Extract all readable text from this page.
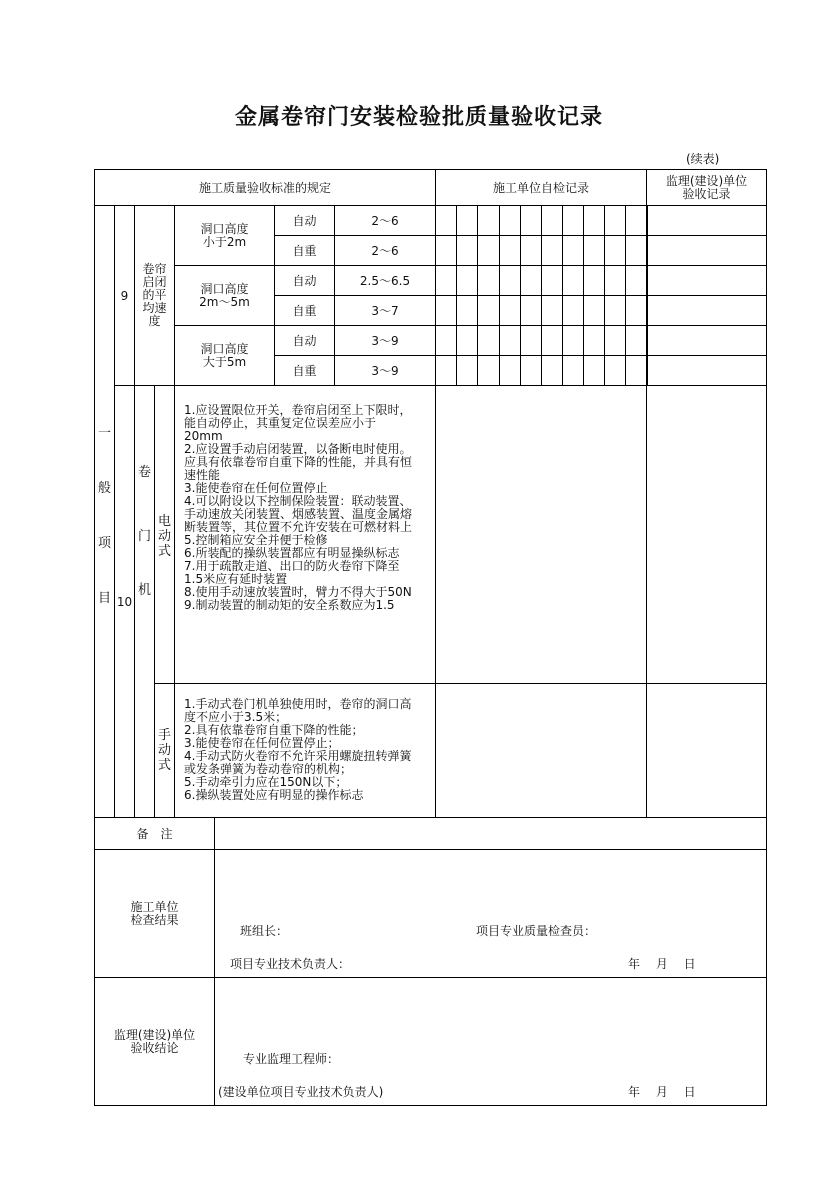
金属卷帘门安装检验批质量验收记录
(续表)
施工质量验收标准的规定	施工单位自检记录	监理(建设)单位
验收记录
一
般
项
目
9
卷帘
启闭
的平
均速
度
洞口高度
小于2m
自动	2～6
自重	2～6
洞口高度
2m～5m
自动	2.5～6.5
自重	3～7
洞口高度
大于5m
自动	3～9
自重	3～9
10
卷
门
机
电
动
式
1.应设置限位开关，卷帘启闭至上下限时，能自动停止，其重复定位误差应小于20mm
2.应设置手动启闭装置，以备断电时使用。应具有依靠卷帘自重下降的性能，并具有恒速性能
3.能使卷帘在任何位置停止
4.可以附设以下控制保险装置：联动装置、手动速放关闭装置、烟感装置、温度金属熔断装置等，其位置不允许安装在可燃材料上
5.控制箱应安全并便于检修
6.所装配的操纵装置都应有明显操纵标志
7.用于疏散走道、出口的防火卷帘下降至1.5米应有延时装置
8.使用手动速放装置时，臂力不得大于50N
9.制动装置的制动矩的安全系数应为1.5
手
动
式
1.手动式卷门机单独使用时，卷帘的洞口高度不应小于3.5米；
2.具有依靠卷帘自重下降的性能；
3.能使卷帘在任何位置停止；
4.手动式防火卷帘不允许采用螺旋扭转弹簧或发条弹簧为卷动卷帘的机构；
5.手动牵引力应在150N以下；
6.操纵装置处应有明显的操作标志
备　注
施工单位
检查结果
班组长：	项目专业质量检查员：
项目专业技术负责人：	年　 月　 日
监理(建设)单位
验收结论
专业监理工程师：
(建设单位项目专业技术负责人)	年　 月　 日
